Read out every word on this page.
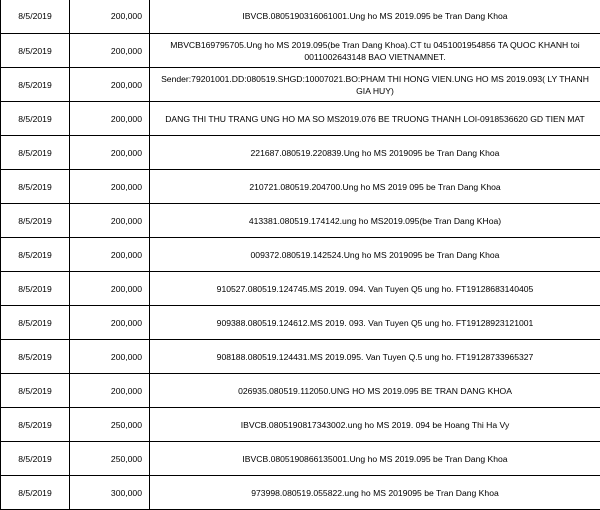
8/5/2019	200,000	IBVCB.0805190316061001.Ung ho MS 2019.095 be Tran Dang Khoa
8/5/2019	200,000	MBVCB169795705.Ung ho MS 2019.095(be Tran Dang Khoa).CT tu 0451001954856 TA QUOC KHANH toi 0011002643148 BAO VIETNAMNET.
8/5/2019	200,000	Sender:79201001.DD:080519.SHGD:10007021.BO:PHAM THI HONG VIEN.UNG HO MS 2019.093( LY THANH GIA HUY)
8/5/2019	200,000	DANG THI THU TRANG UNG HO MA SO MS2019.076 BE TRUONG THANH LOI-0918536620 GD TIEN MAT
8/5/2019	200,000	221687.080519.220839.Ung ho MS 2019095 be Tran Dang Khoa
8/5/2019	200,000	210721.080519.204700.Ung ho MS 2019 095 be Tran Dang Khoa
8/5/2019	200,000	413381.080519.174142.ung ho MS2019.095(be Tran Dang KHoa)
8/5/2019	200,000	009372.080519.142524.Ung ho MS 2019095 be Tran Dang Khoa
8/5/2019	200,000	910527.080519.124745.MS 2019. 094. Van Tuyen Q5 ung ho. FT19128683140405
8/5/2019	200,000	909388.080519.124612.MS 2019. 093. Van Tuyen Q5 ung ho. FT19128923121001
8/5/2019	200,000	908188.080519.124431.MS 2019.095. Van Tuyen Q.5 ung ho. FT19128733965327
8/5/2019	200,000	026935.080519.112050.UNG HO MS 2019.095 BE TRAN DANG KHOA
8/5/2019	250,000	IBVCB.0805190817343002.ung ho MS 2019. 094 be Hoang Thi Ha Vy
8/5/2019	250,000	IBVCB.0805190866135001.Ung ho MS 2019.095 be Tran Dang Khoa
8/5/2019	300,000	973998.080519.055822.ung ho MS 2019095 be Tran Dang Khoa
